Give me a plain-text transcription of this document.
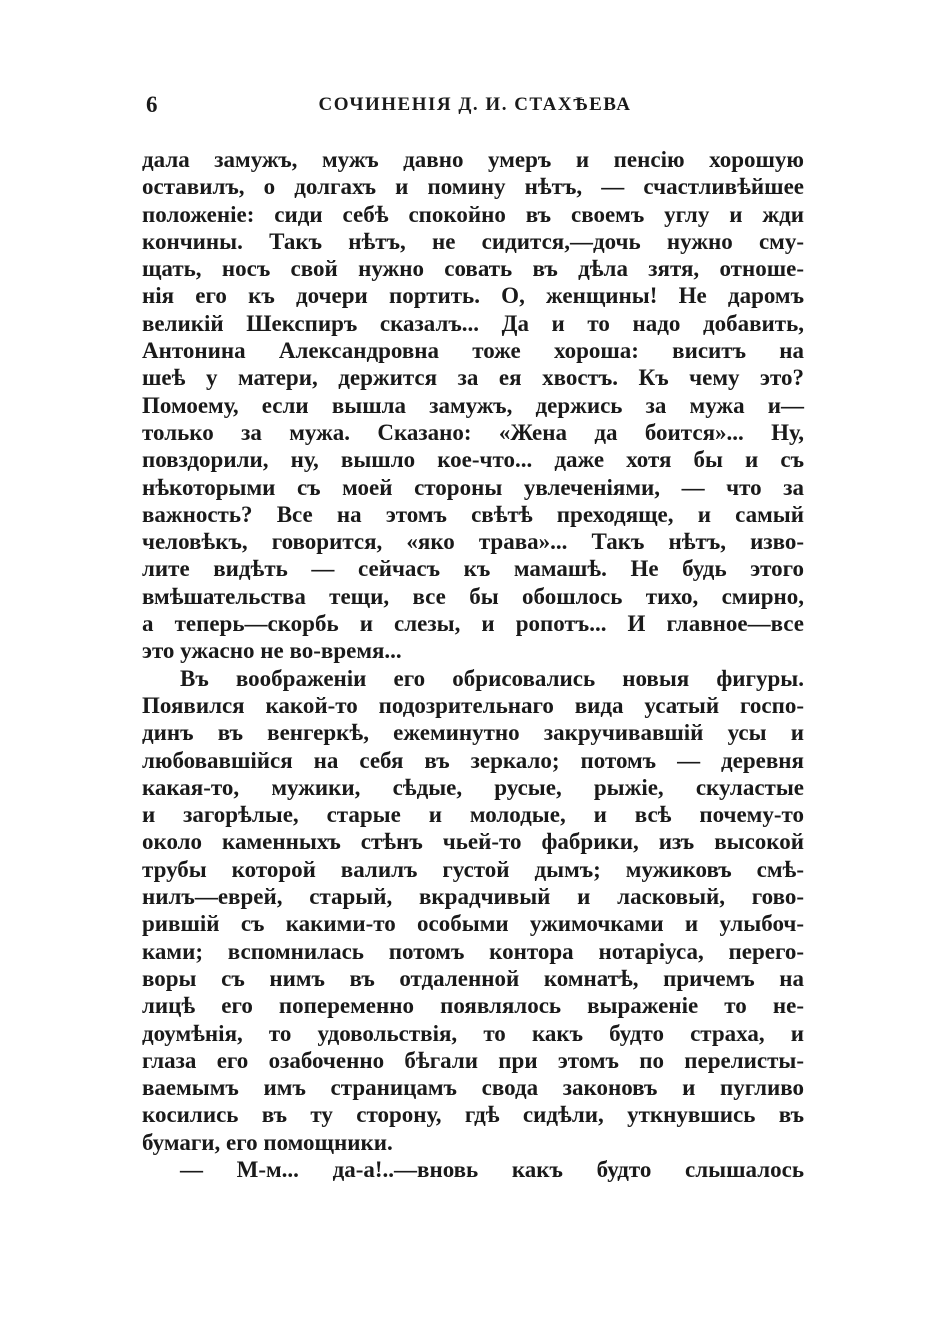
6	СОЧИНЕНІЯ Д. И. СТАХѢЕВА
дала замужъ, мужъ давно умеръ и пенсію хорошую
оставилъ, о долгахъ и помину нѣтъ, — счастливѣйшее
положеніе: сиди себѣ спокойно въ своемъ углу и жди
кончины. Такъ нѣтъ, не сидится,—дочь нужно сму-
щать, носъ свой нужно совать въ дѣла зятя, отноше-
нія его къ дочери портить. О, женщины! Не даромъ
великій Шекспиръ сказалъ... Да и то надо добавить,
Антонина Александровна тоже хороша: виситъ на
шеѣ у матери, держится за ея хвостъ. Къ чему это?
Помоему, если вышла замужъ, держись за мужа и—
только за мужа. Сказано: «Жена да боится»... Ну,
повздорили, ну, вышло кое-что... даже хотя бы и съ
нѣкоторыми съ моей стороны увлеченіями, — что за
важность? Все на этомъ свѣтѣ преходяще, и самый
человѣкъ, говорится, «яко трава»... Такъ нѣтъ, изво-
лите видѣть — сейчасъ къ мамашѣ. Не будь этого
вмѣшательства тещи, все бы обошлось тихо, смирно,
а теперь—скорбь и слезы, и ропотъ... И главное—все
это ужасно не во-время...
Въ воображеніи его обрисовались новыя фигуры.
Появился какой-то подозрительнаго вида усатый госпо-
динъ въ венгеркѣ, ежеминутно закручивавшій усы и
любовавшійся на себя въ зеркало; потомъ — деревня
какая-то, мужики, сѣдые, русые, рыжіе, скуластые
и загорѣлые, старые и молодые, и всѣ почему-то
около каменныхъ стѣнъ чьей-то фабрики, изъ высокой
трубы которой валилъ густой дымъ; мужиковъ смѣ-
нилъ—еврей, старый, вкрадчивый и ласковый, гово-
рившій съ какими-то особыми ужимочками и улыбоч-
ками; вспомнилась потомъ контора нотаріуса, перего-
воры съ нимъ въ отдаленной комнатѣ, причемъ на
лицѣ его попеременно появлялось выраженіе то не-
доумѣнія, то удовольствія, то какъ будто страха, и
глаза его озабоченно бѣгали при этомъ по перелисты-
ваемымъ имъ страницамъ свода законовъ и пугливо
косились въ ту сторону, гдѣ сидѣли, уткнувшись въ
бумаги, его помощники.
— М-м... да-а!..—вновь какъ будто слышалось
